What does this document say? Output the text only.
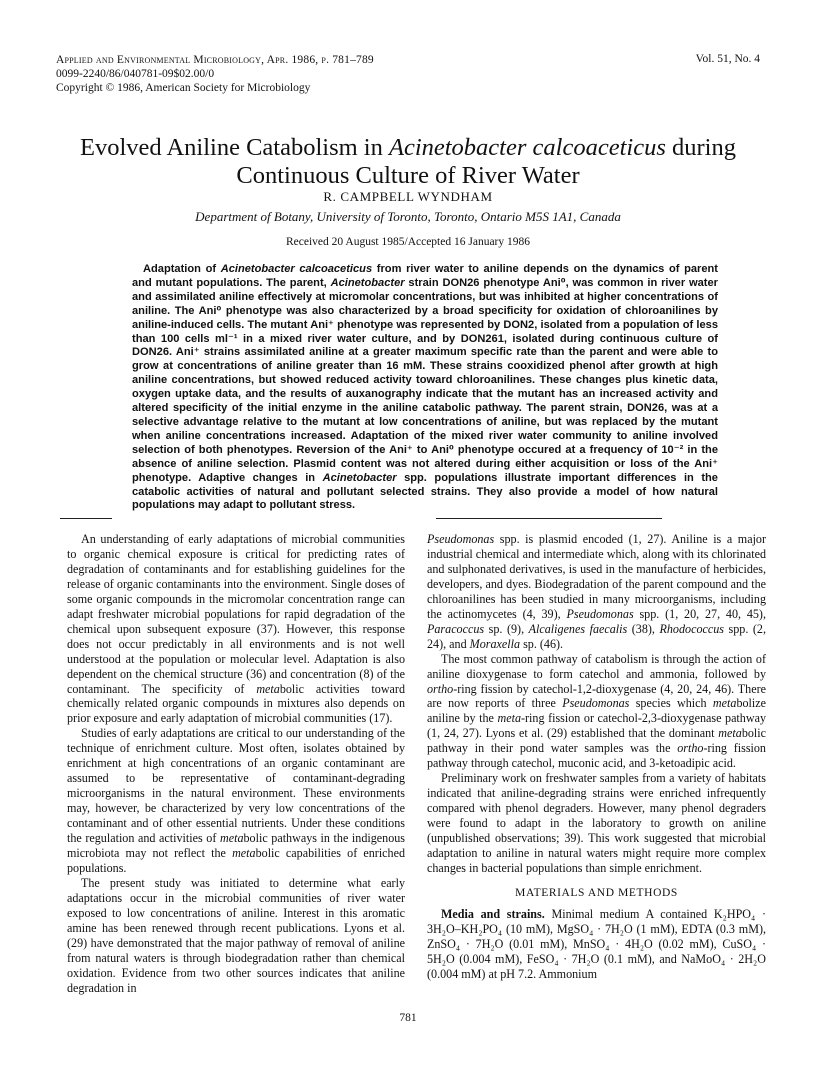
Applied and Environmental Microbiology, Apr. 1986, p. 781–789
0099-2240/86/040781-09$02.00/0
Copyright © 1986, American Society for Microbiology
Vol. 51, No. 4
Evolved Aniline Catabolism in Acinetobacter calcoaceticus during
Continuous Culture of River Water
R. CAMPBELL WYNDHAM
Department of Botany, University of Toronto, Toronto, Ontario M5S 1A1, Canada
Received 20 August 1985/Accepted 16 January 1986

Adaptation of Acinetobacter calcoaceticus from river water to aniline depends on the dynamics of parent and mutant populations. The parent, Acinetobacter strain DON26 phenotype Ani⁰, was common in river water and assimilated aniline effectively at micromolar concentrations, but was inhibited at higher concentrations of aniline. The Ani⁰ phenotype was also characterized by a broad specificity for oxidation of chloroanilines by aniline-induced cells. The mutant Ani⁺ phenotype was represented by DON2, isolated from a population of less than 100 cells ml⁻¹ in a mixed river water culture, and by DON261, isolated during continuous culture of DON26. Ani⁺ strains assimilated aniline at a greater maximum specific rate than the parent and were able to grow at concentrations of aniline greater than 16 mM. These strains cooxidized phenol after growth at high aniline concentrations, but showed reduced activity toward chloroanilines. These changes plus kinetic data, oxygen uptake data, and the results of auxanography indicate that the mutant has an increased activity and altered specificity of the initial enzyme in the aniline catabolic pathway. The parent strain, DON26, was at a selective advantage relative to the mutant at low concentrations of aniline, but was replaced by the mutant when aniline concentrations increased. Adaptation of the mixed river water community to aniline involved selection of both phenotypes. Reversion of the Ani⁺ to Ani⁰ phenotype occured at a frequency of 10⁻² in the absence of aniline selection. Plasmid content was not altered during either acquisition or loss of the Ani⁺ phenotype. Adaptive changes in Acinetobacter spp. populations illustrate important differences in the catabolic activities of natural and pollutant selected strains. They also provide a model of how natural populations may adapt to pollutant stress.

An understanding of early adaptations of microbial communities to organic chemical exposure is critical for predicting rates of degradation of contaminants and for establishing guidelines for the release of organic contaminants into the environment. Single doses of some organic compounds in the micromolar concentration range can adapt freshwater microbial populations for rapid degradation of the chemical upon subsequent exposure (37). However, this response does not occur predictably in all environments and is not well understood at the population or molecular level. Adaptation is also dependent on the chemical structure (36) and concentration (8) of the contaminant. The specificity of metabolic activities toward chemically related organic compounds in mixtures also depends on prior exposure and early adaptation of microbial communities (17).

Studies of early adaptations are critical to our understanding of the technique of enrichment culture. Most often, isolates obtained by enrichment at high concentrations of an organic contaminant are assumed to be representative of contaminant-degrading microorganisms in the natural environment. These environments may, however, be characterized by very low concentrations of the contaminant and of other essential nutrients. Under these conditions the regulation and activities of metabolic pathways in the indigenous microbiota may not reflect the metabolic capabilities of enriched populations.

The present study was initiated to determine what early adaptations occur in the microbial communities of river water exposed to low concentrations of aniline. Interest in this aromatic amine has been renewed through recent publications. Lyons et al. (29) have demonstrated that the major pathway of removal of aniline from natural waters is through biodegradation rather than chemical oxidation. Evidence from two other sources indicates that aniline degradation in

Pseudomonas spp. is plasmid encoded (1, 27). Aniline is a major industrial chemical and intermediate which, along with its chlorinated and sulphonated derivatives, is used in the manufacture of herbicides, developers, and dyes. Biodegradation of the parent compound and the chloroanilines has been studied in many microorganisms, including the actinomycetes (4, 39), Pseudomonas spp. (1, 20, 27, 40, 45), Paracoccus sp. (9), Alcaligenes faecalis (38), Rhodococcus spp. (2, 24), and Moraxella sp. (46).

The most common pathway of catabolism is through the action of aniline dioxygenase to form catechol and ammonia, followed by ortho-ring fission by catechol-1,2-dioxygenase (4, 20, 24, 46). There are now reports of three Pseudomonas species which metabolize aniline by the meta-ring fission or catechol-2,3-dioxygenase pathway (1, 24, 27). Lyons et al. (29) established that the dominant metabolic pathway in their pond water samples was the ortho-ring fission pathway through catechol, muconic acid, and 3-ketoadipic acid.

Preliminary work on freshwater samples from a variety of habitats indicated that aniline-degrading strains were enriched infrequently compared with phenol degraders. However, many phenol degraders were found to adapt in the laboratory to growth on aniline (unpublished observations; 39). This work suggested that microbial adaptation to aniline in natural waters might require more complex changes in bacterial populations than simple enrichment.

MATERIALS AND METHODS

Media and strains. Minimal medium A contained K₂HPO₄ · 3H₂O–KH₂PO₄ (10 mM), MgSO₄ · 7H₂O (1 mM), EDTA (0.3 mM), ZnSO₄ · 7H₂O (0.01 mM), MnSO₄ · 4H₂O (0.02 mM), CuSO₄ · 5H₂O (0.004 mM), FeSO₄ · 7H₂O (0.1 mM), and NaMoO₄ · 2H₂O (0.004 mM) at pH 7.2. Ammonium

781
